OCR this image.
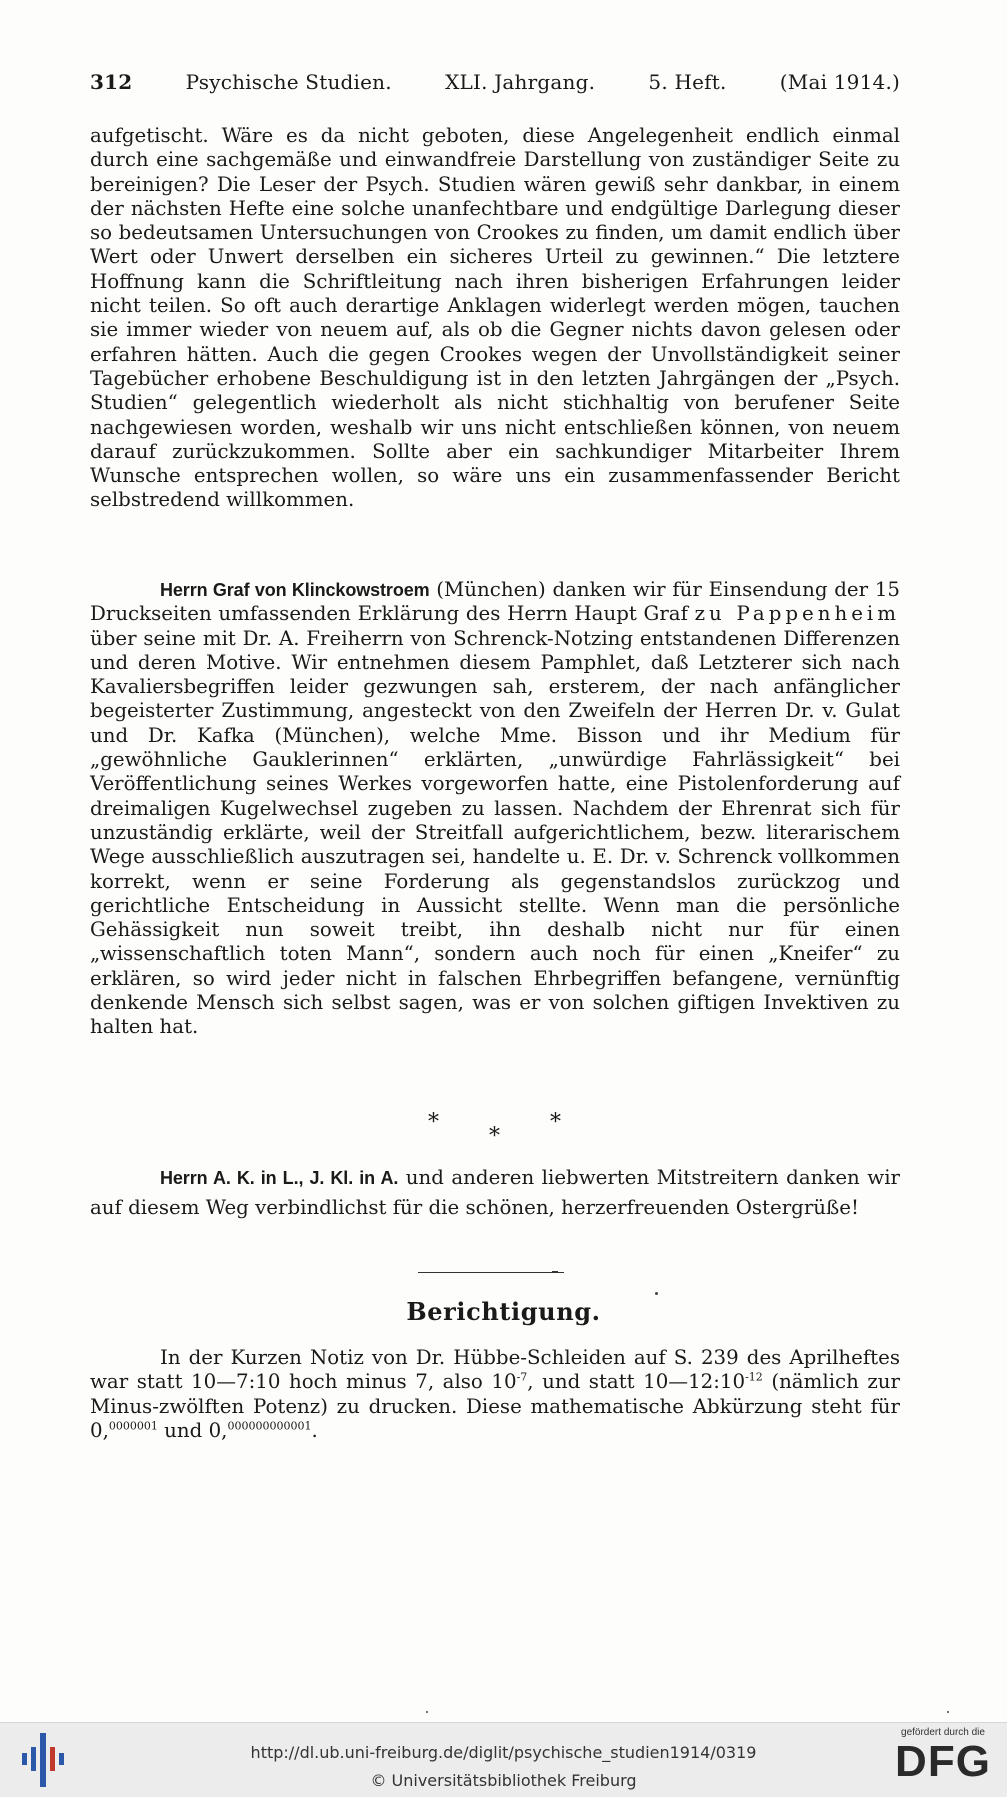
312	Psychische Studien.	XLI. Jahrgang.	5. Heft.	(Mai 1914.)

aufgetischt. Wäre es da nicht geboten, diese Angelegenheit endlich einmal durch eine sachgemäße und einwandfreie Darstellung von zuständiger Seite zu bereinigen? Die Leser der Psych. Studien wären gewiß sehr dankbar, in einem der nächsten Hefte eine solche unanfechtbare und endgültige Darlegung dieser so bedeutsamen Untersuchungen von Crookes zu finden, um damit endlich über Wert oder Unwert derselben ein sicheres Urteil zu gewinnen.“ Die letztere Hoffnung kann die Schriftleitung nach ihren bisherigen Erfahrungen leider nicht teilen. So oft auch derartige Anklagen widerlegt werden mögen, tauchen sie immer wieder von neuem auf, als ob die Gegner nichts davon gelesen oder erfahren hätten. Auch die gegen Crookes wegen der Unvollständigkeit seiner Tagebücher erhobene Beschuldigung ist in den letzten Jahrgängen der „Psych. Studien“ gelegentlich wiederholt als nicht stichhaltig von berufener Seite nachgewiesen worden, weshalb wir uns nicht entschließen können, von neuem darauf zurückzukommen. Sollte aber ein sachkundiger Mitarbeiter Ihrem Wunsche entsprechen wollen, so wäre uns ein zusammenfassender Bericht selbstredend willkommen.

Herrn Graf von Klinckowstroem (München) danken wir für Einsendung der 15 Druckseiten umfassenden Erklärung des Herrn Haupt Graf zu Pappenheim über seine mit Dr. A. Freiherrn von Schrenck-Notzing entstandenen Differenzen und deren Motive. Wir entnehmen diesem Pamphlet, daß Letzterer sich nach Kavaliersbegriffen leider gezwungen sah, ersterem, der nach anfänglicher begeisterter Zustimmung, angesteckt von den Zweifeln der Herren Dr. v. Gulat und Dr. Kafka (München), welche Mme. Bisson und ihr Medium für „gewöhnliche Gauklerinnen“ erklärten, „unwürdige Fahrlässigkeit“ bei Veröffentlichung seines Werkes vorgeworfen hatte, eine Pistolenforderung auf dreimaligen Kugelwechsel zugeben zu lassen. Nachdem der Ehrenrat sich für unzuständig erklärte, weil der Streitfall aufgerichtlichem, bezw. literarischem Wege ausschließlich auszutragen sei, handelte u. E. Dr. v. Schrenck vollkommen korrekt, wenn er seine Forderung als gegenstandslos zurückzog und gerichtliche Entscheidung in Aussicht stellte. Wenn man die persönliche Gehässigkeit nun soweit treibt, ihn deshalb nicht nur für einen „wissenschaftlich toten Mann“, sondern auch noch für einen „Kneifer“ zu erklären, so wird jeder nicht in falschen Ehrbegriffen befangene, vernünftig denkende Mensch sich selbst sagen, was er von solchen giftigen Invektiven zu halten hat.

*
*
*

Herrn A. K. in L., J. Kl. in A. und anderen liebwerten Mitstreitern danken wir auf diesem Weg verbindlichst für die schönen, herzerfreuenden Ostergrüße!

Berichtigung.

In der Kurzen Notiz von Dr. Hübbe-Schleiden auf S. 239 des Aprilheftes war statt 10—7:10 hoch minus 7, also $10^{-7}$, und statt $10—12:10^{-12}$ (nämlich zur Minus-zwölften Potenz) zu drucken. Diese mathematische Abkürzung steht für 0,$^{0000001}$ und 0,$^{000000000001}$.

http://dl.ub.uni-freiburg.de/diglit/psychische_studien1914/0319
© Universitätsbibliothek Freiburg
gefördert durch die
DFG
